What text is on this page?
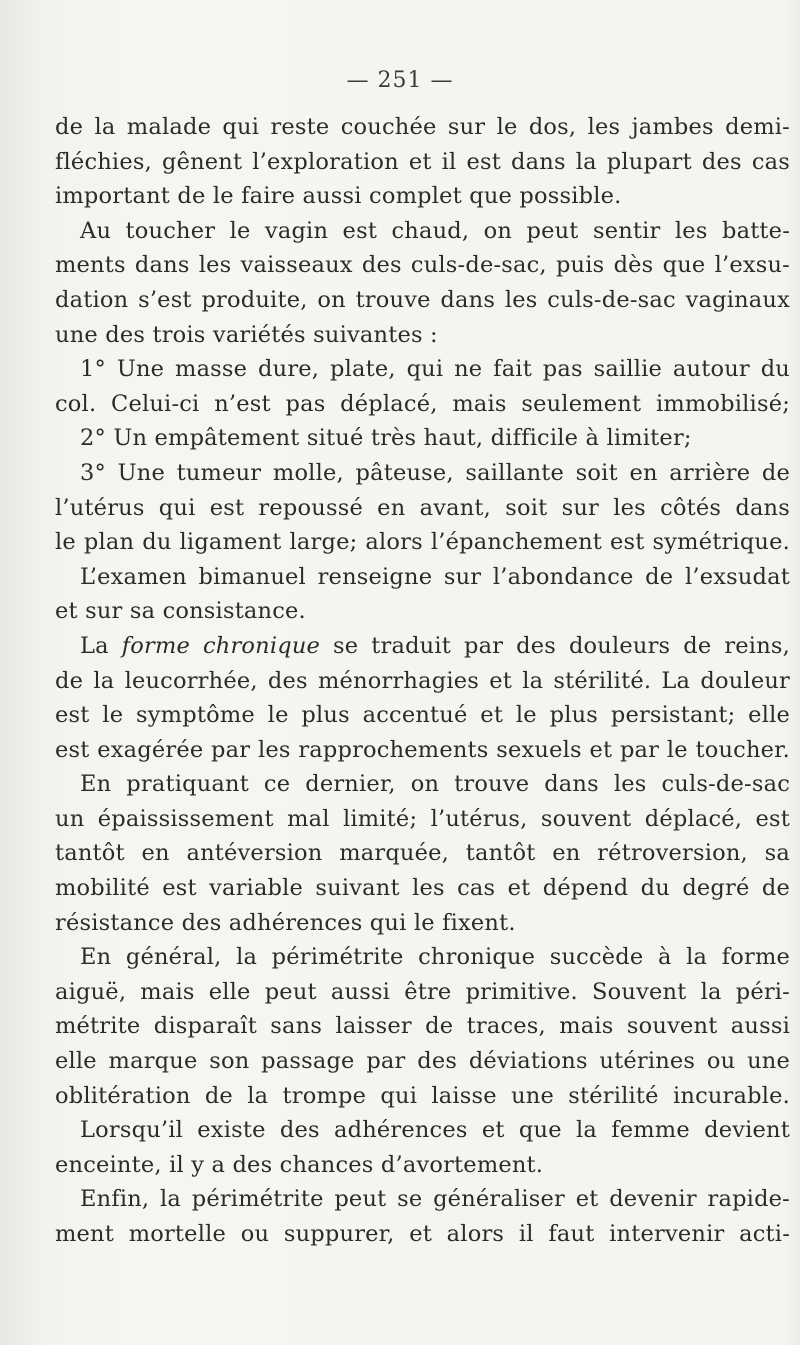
— 251 —
de la malade qui reste couchée sur le dos, les jambes demi-
fléchies, gênent l’exploration et il est dans la plupart des cas
important de le faire aussi complet que possible.
Au toucher le vagin est chaud, on peut sentir les batte-
ments dans les vaisseaux des culs-de-sac, puis dès que l’exsu-
dation s’est produite, on trouve dans les culs-de-sac vaginaux
une des trois variétés suivantes :
1° Une masse dure, plate, qui ne fait pas saillie autour du
col. Celui-ci n’est pas déplacé, mais seulement immobilisé;
2° Un empâtement situé très haut, difficile à limiter;
3° Une tumeur molle, pâteuse, saillante soit en arrière de
l’utérus qui est repoussé en avant, soit sur les côtés dans
le plan du ligament large; alors l’épanchement est symétrique.
L’examen bimanuel renseigne sur l’abondance de l’exsudat
et sur sa consistance.
La forme chronique se traduit par des douleurs de reins,
de la leucorrhée, des ménorrhagies et la stérilité. La douleur
est le symptôme le plus accentué et le plus persistant; elle
est exagérée par les rapprochements sexuels et par le toucher.
En pratiquant ce dernier, on trouve dans les culs-de-sac
un épaississement mal limité; l’utérus, souvent déplacé, est
tantôt en antéversion marquée, tantôt en rétroversion, sa
mobilité est variable suivant les cas et dépend du degré de
résistance des adhérences qui le fixent.
En général, la périmétrite chronique succède à la forme
aiguë, mais elle peut aussi être primitive. Souvent la péri-
métrite disparaît sans laisser de traces, mais souvent aussi
elle marque son passage par des déviations utérines ou une
oblitération de la trompe qui laisse une stérilité incurable.
Lorsqu’il existe des adhérences et que la femme devient
enceinte, il y a des chances d’avortement.
Enfin, la périmétrite peut se généraliser et devenir rapide-
ment mortelle ou suppurer, et alors il faut intervenir acti-
